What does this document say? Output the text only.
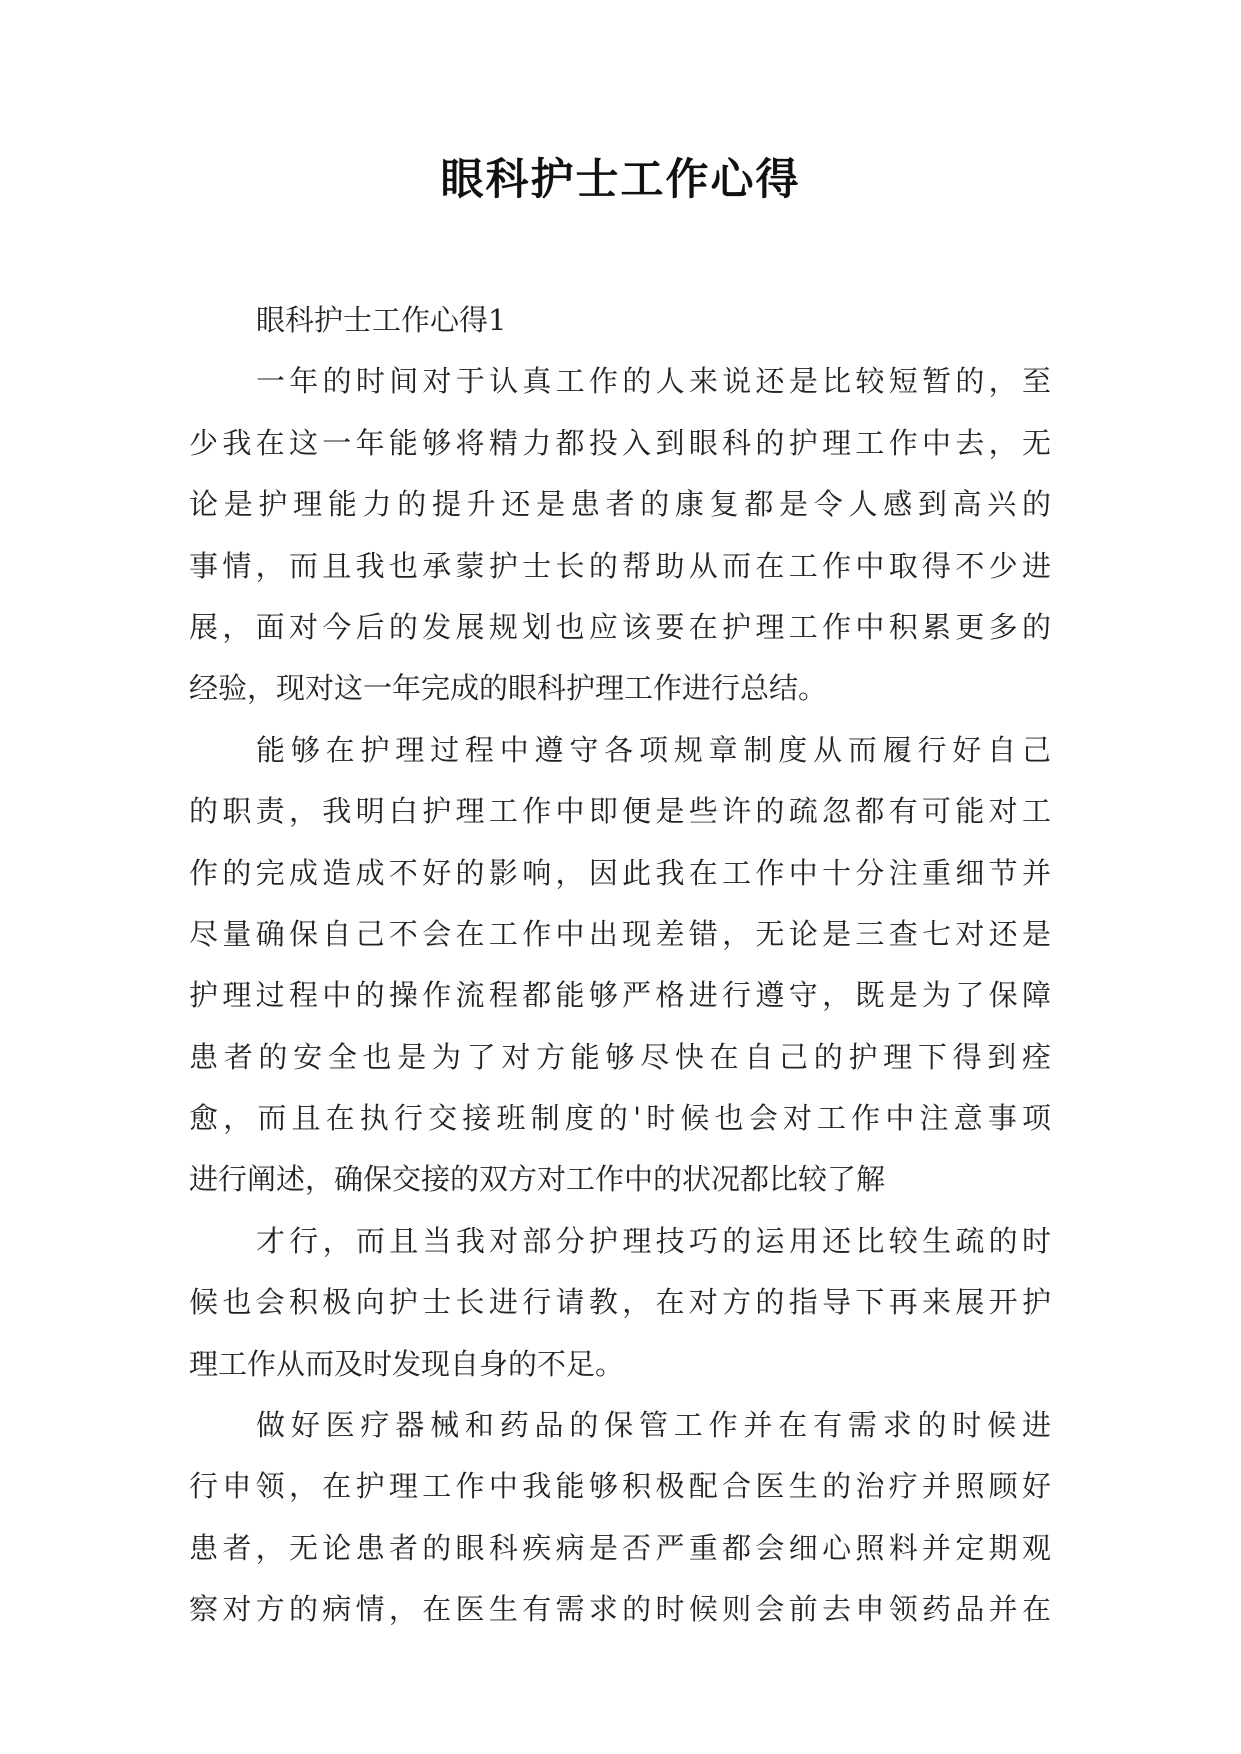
眼科护士工作心得
眼科护士工作心得1
一年的时间对于认真工作的人来说还是比较短暂的，至
少我在这一年能够将精力都投入到眼科的护理工作中去，无
论是护理能力的提升还是患者的康复都是令人感到高兴的
事情，而且我也承蒙护士长的帮助从而在工作中取得不少进
展，面对今后的发展规划也应该要在护理工作中积累更多的
经验，现对这一年完成的眼科护理工作进行总结。
能够在护理过程中遵守各项规章制度从而履行好自己
的职责，我明白护理工作中即便是些许的疏忽都有可能对工
作的完成造成不好的影响，因此我在工作中十分注重细节并
尽量确保自己不会在工作中出现差错，无论是三查七对还是
护理过程中的操作流程都能够严格进行遵守，既是为了保障
患者的安全也是为了对方能够尽快在自己的护理下得到痊
愈，而且在执行交接班制度的'时候也会对工作中注意事项
进行阐述，确保交接的双方对工作中的状况都比较了解
才行，而且当我对部分护理技巧的运用还比较生疏的时
候也会积极向护士长进行请教，在对方的指导下再来展开护
理工作从而及时发现自身的不足。
做好医疗器械和药品的保管工作并在有需求的时候进
行申领，在护理工作中我能够积极配合医生的治疗并照顾好
患者，无论患者的眼科疾病是否严重都会细心照料并定期观
察对方的病情，在医生有需求的时候则会前去申领药品并在
